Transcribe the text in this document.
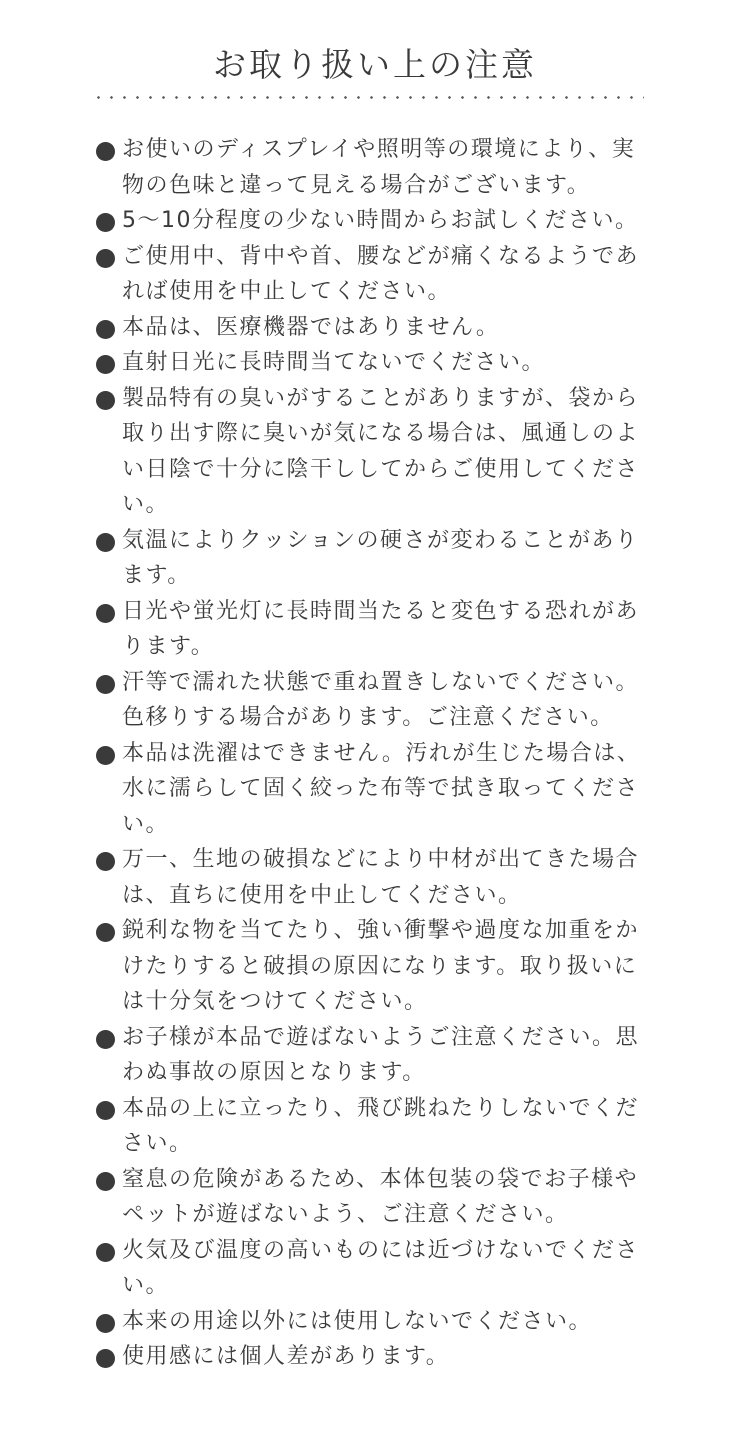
お取り扱い上の注意
お使いのディスプレイや照明等の環境により、実物の色味と違って見える場合がございます。
5～10分程度の少ない時間からお試しください。
ご使用中、背中や首、腰などが痛くなるようであれば使用を中止してください。
本品は、医療機器ではありません。
直射日光に長時間当てないでください。
製品特有の臭いがすることがありますが、袋から取り出す際に臭いが気になる場合は、風通しのよい日陰で十分に陰干ししてからご使用してください。
気温によりクッションの硬さが変わることがあります。
日光や蛍光灯に長時間当たると変色する恐れがあります。
汗等で濡れた状態で重ね置きしないでください。色移りする場合があります。ご注意ください。
本品は洗濯はできません。汚れが生じた場合は、水に濡らして固く絞った布等で拭き取ってください。
万一、生地の破損などにより中材が出てきた場合は、直ちに使用を中止してください。
鋭利な物を当てたり、強い衝撃や過度な加重をかけたりすると破損の原因になります。取り扱いには十分気をつけてください。
お子様が本品で遊ばないようご注意ください。思わぬ事故の原因となります。
本品の上に立ったり、飛び跳ねたりしないでください。
窒息の危険があるため、本体包装の袋でお子様やペットが遊ばないよう、ご注意ください。
火気及び温度の高いものには近づけないでください。
本来の用途以外には使用しないでください。
使用感には個人差があります。
